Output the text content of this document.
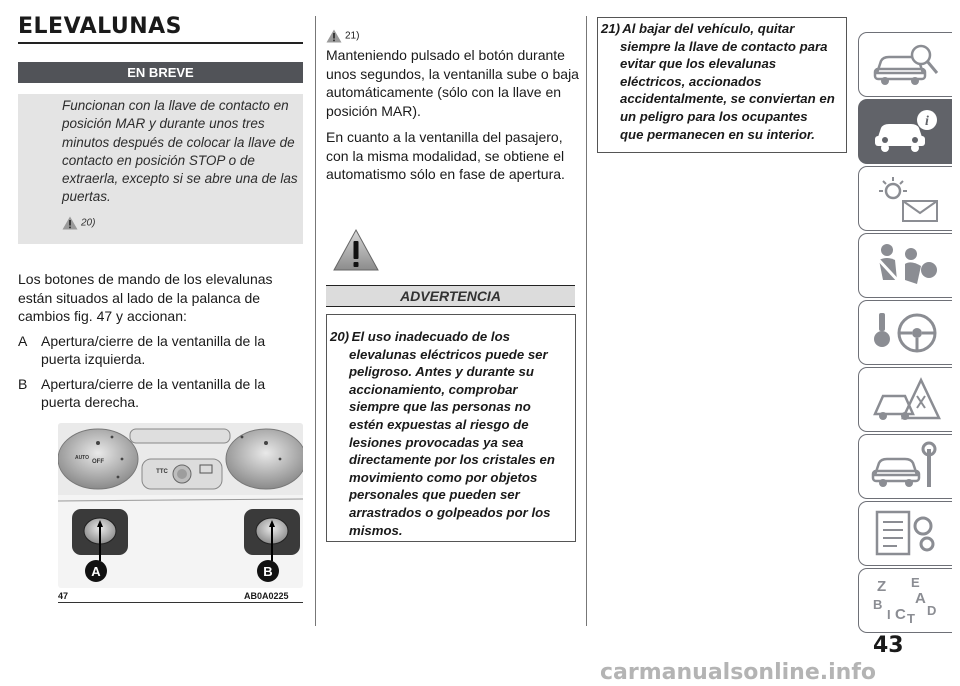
ELEVALUNAS
EN BREVE
Funcionan con la llave de contacto en posición MAR y durante unos tres minutos después de colocar la llave de contacto en posición STOP o de extraerla, excepto si se abre una de las puertas.
20)

Los botones de mando de los elevalunas están situados al lado de la palanca de cambios fig. 47 y accionan:

A Apertura/cierre de la ventanilla de la puerta izquierda.
B Apertura/cierre de la ventanilla de la puerta derecha.
OFF
AUTO
TTC
A	B
47	AB0A0225
21)

Manteniendo pulsado el botón durante unos segundos, la ventanilla sube o baja automáticamente (sólo con la llave en posición MAR).

En cuanto a la ventanilla del pasajero, con la misma modalidad, se obtiene el automatismo sólo en fase de apertura.

ADVERTENCIA
20) El uso inadecuado de los
elevalunas eléctricos puede ser
peligroso. Antes y durante su
accionamiento, comprobar
siempre que las personas no
estén expuestas al riesgo de
lesiones provocadas ya sea
directamente por los cristales en
movimiento como por objetos
personales que pueden ser
arrastrados o golpeados por los
mismos.
21) Al bajar del vehículo, quitar
siempre la llave de contacto para
evitar que los elevalunas
eléctricos, accionados
accidentalmente, se conviertan en
un peligro para los ocupantes
que permanecen en su interior.
i
Z E
A
B
I C T
D
43
carmanualsonline.info
